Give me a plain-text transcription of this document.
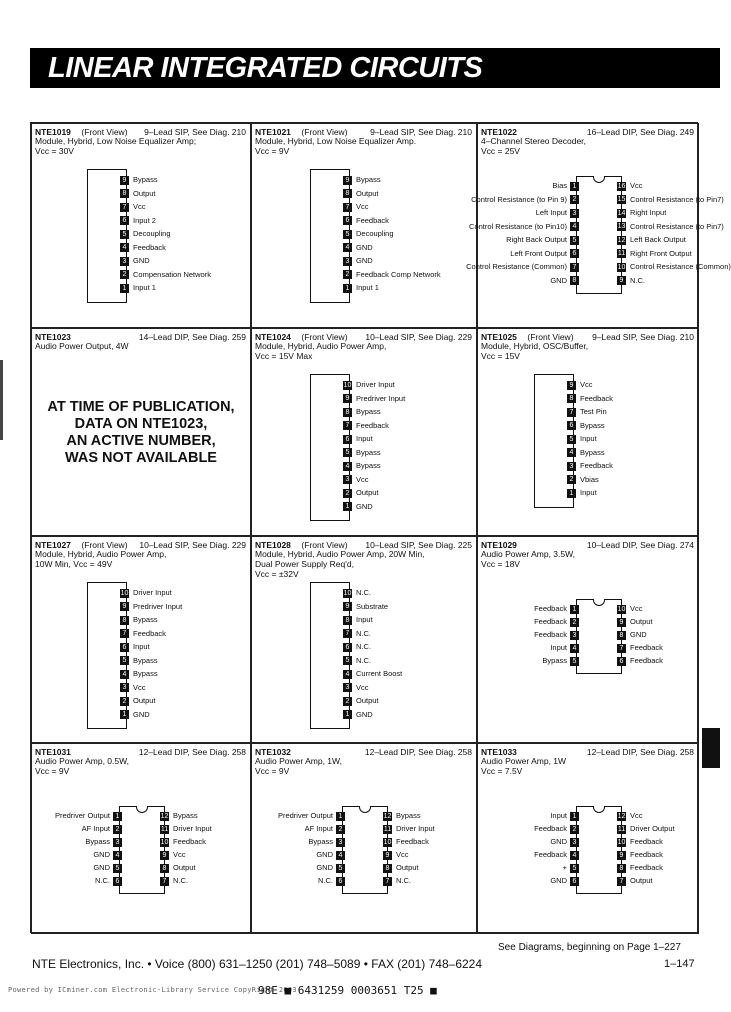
LINEAR INTEGRATED CIRCUITS
NTE1019 (Front View) 9–Lead SIP, See Diag. 210
Module, Hybrid, Low Noise Equalizer Amp;
Vcc = 30V
9 Bypass
8 Output
7 Vcc
6 Input 2
5 Decoupling
4 Feedback
3 GND
2 Compensation Network
1 Input 1
NTE1021 (Front View)	9–Lead SIP, See Diag. 210
Module, Hybrid, Low Noise Equalizer Amp.
Vcc = 9V
9 Bypass
8 Output
7 Vcc
6 Feedback
5 Decoupling
4 GND
3 GND
2 Feedback Comp Network
1 Input 1
NTE1022	16–Lead DIP, See Diag. 249
4–Channel Stereo Decoder,
Vcc = 25V
Bias 1
Control Resistance (to Pin 9) 2
Left Input 3
Control Resistance (to Pin10) 4
Right Back Output 5
Left Front Output 6
Control Resistance (Common) 7
GND 8
16 Vcc
15 Control Resistance (to Pin7)
14 Right Input
13 Control Resistance (to Pin7)
12 Left Back Output
11 Right Front Output
10 Control Resistance (Common)
9 N.C.
NTE1023	14–Lead DIP, See Diag. 259
Audio Power Output, 4W
AT TIME OF PUBLICATION,
DATA ON NTE1023,
AN ACTIVE NUMBER,
WAS NOT AVAILABLE
NTE1024 (Front View) 10–Lead SIP, See Diag. 229
Module, Hybrid, Audio Power Amp,
Vcc = 15V Max
10 Driver Input
9 Predriver Input
8 Bypass
7 Feedback
6 Input
5 Bypass
4 Bypass
3 Vcc
2 Output
1 GND
NTE1025 (Front View) 9–Lead SIP, See Diag. 210
Module, Hybrid, OSC/Buffer,
Vcc = 15V
9 Vcc
8 Feedback
7 Test Pin
6 Bypass
5 Input
4 Bypass
3 Feedback
2 Vbias
1 Input
NTE1027 (Front View) 10–Lead SIP, See Diag. 229
Module, Hybrid, Audio Power Amp,
10W Min, Vcc = 49V
10 Driver Input
9 Predriver Input
8 Bypass
7 Feedback
6 Input
5 Bypass
4 Bypass
3 Vcc
2 Output
1 GND
NTE1028 (Front View) 10–Lead SIP, See Diag. 225
Module, Hybrid, Audio Power Amp, 20W Min,
Dual Power Supply Req'd,
Vcc = ±32V
10 N.C.
9 Substrate
8 Input
7 N.C.
6 N.C.
5 N.C.
4 Current Boost
3 Vcc
2 Output
1 GND
NTE1029	10–Lead DIP, See Diag. 274
Audio Power Amp, 3.5W,
Vcc = 18V
Feedback 1
Feedback 2
Feedback 3
Input 4
Bypass 5
10 Vcc
9 Output
8 GND
7 Feedback
6 Feedback
NTE1031	12–Lead DIP, See Diag. 258
Audio Power Amp, 0.5W,
Vcc = 9V
Predriver Output 1
AF Input 2
Bypass 3
GND 4
GND 5
N.C. 6
12 Bypass
11 Driver Input
10 Feedback
9 Vcc
8 Output
7 N.C.
NTE1032	12–Lead DIP, See Diag. 258
Audio Power Amp, 1W,
Vcc = 9V
Predriver Output 1
AF Input 2
Bypass 3
GND 4
GND 5
N.C. 6
12 Bypass
11 Driver Input
10 Feedback
9 Vcc
8 Output
7 N.C.
NTE1033	12–Lead DIP, See Diag. 258
Audio Power Amp, 1W
Vcc = 7.5V
Input 1
Feedback 2
GND 3
Feedback 4
+ 5
GND 6
12 Vcc
11 Driver Output
10 Feedback
9 Feedback
8 Feedback
7 Output
See Diagrams, beginning on Page 1–227
NTE Electronics, Inc. • Voice (800) 631–1250 (201) 748–5089 • FAX (201) 748–6224	1–147
Powered by ICminer.com Electronic-Library Service CopyRight 2003
98E ■ 6431259 0003651 T25 ■
